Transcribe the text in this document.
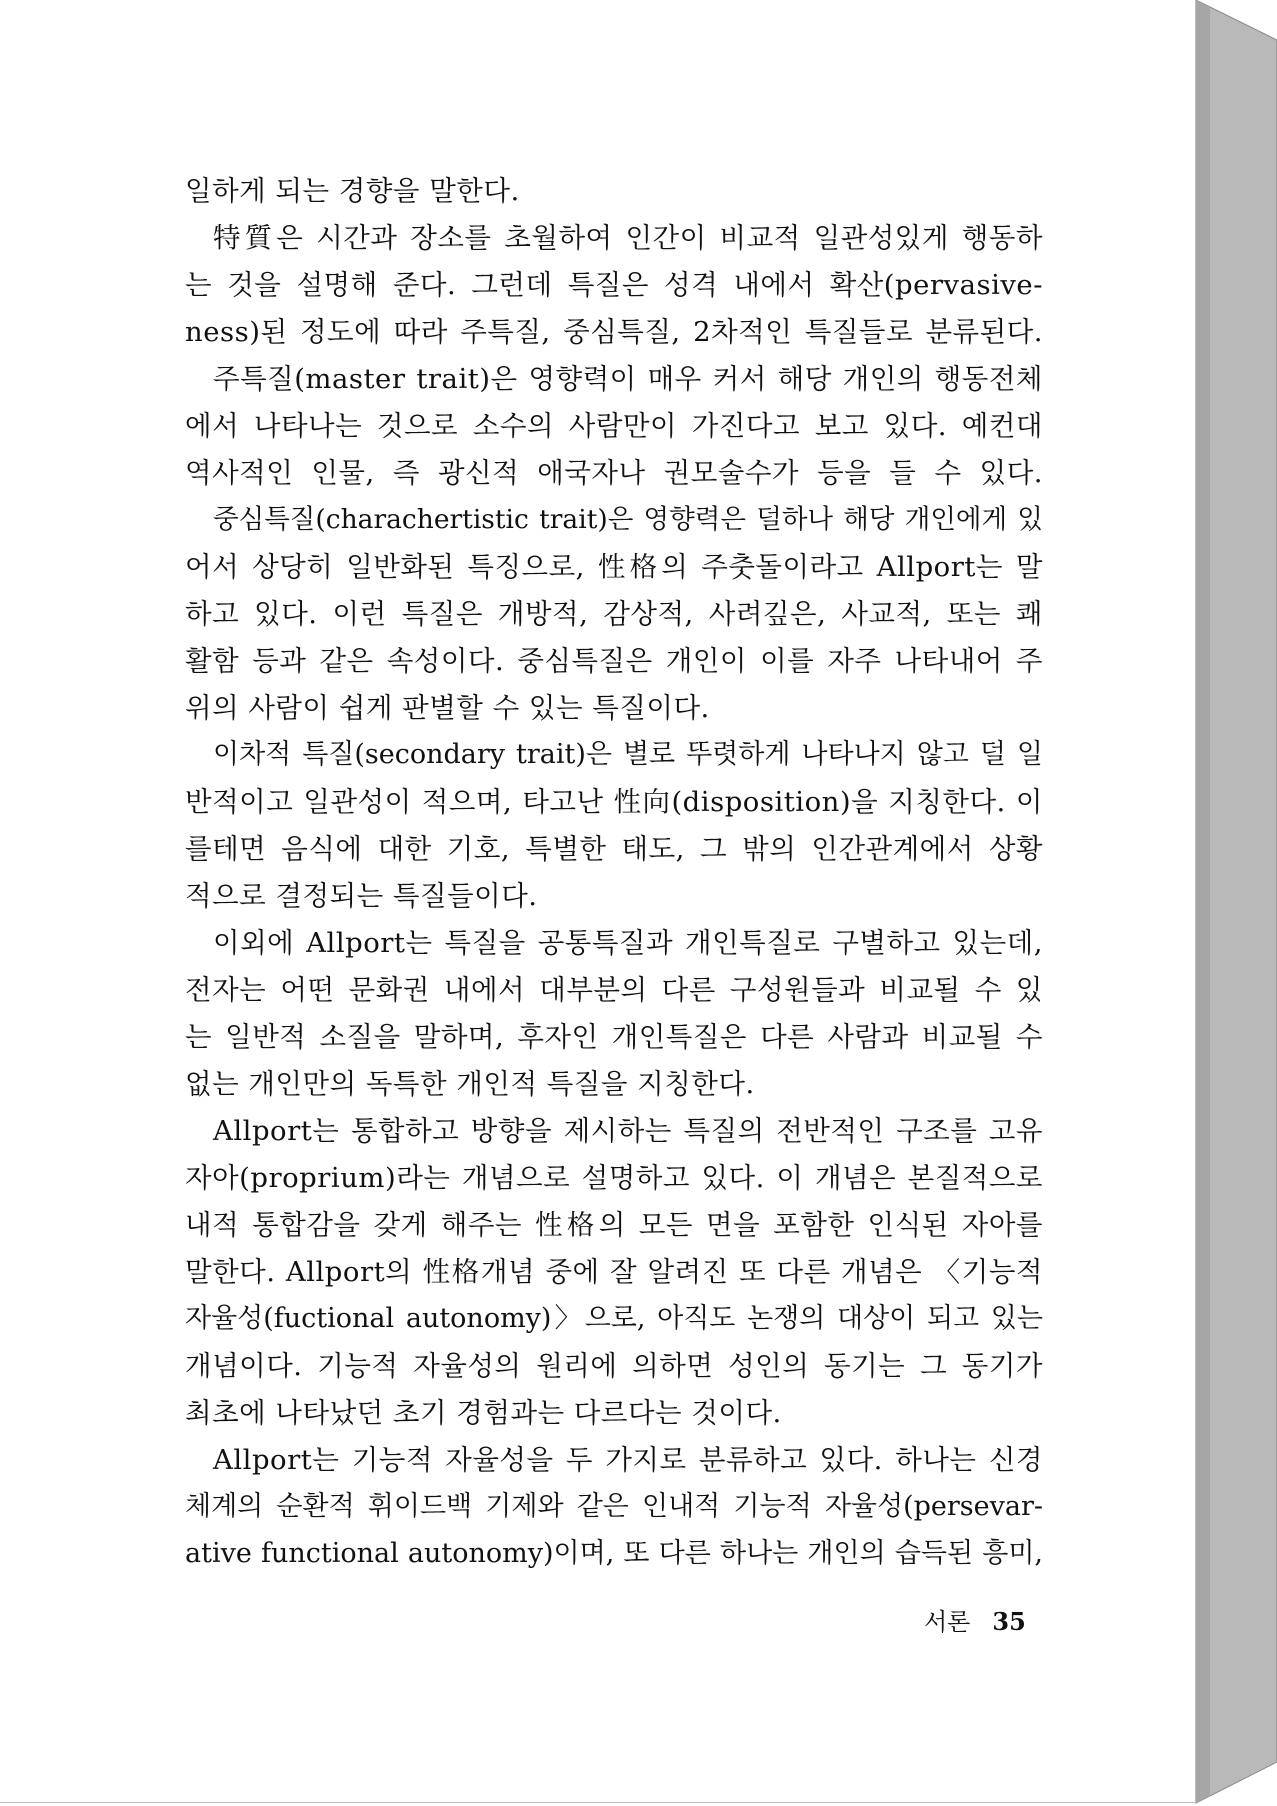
일하게 되는 경향을 말한다.
特質은 시간과 장소를 초월하여 인간이 비교적 일관성있게 행동하
는 것을 설명해 준다. 그런데 특질은 성격 내에서 확산(pervasive-
ness)된 정도에 따라 주특질, 중심특질, 2차적인 특질들로 분류된다.
주특질(master trait)은 영향력이 매우 커서 해당 개인의 행동전체
에서 나타나는 것으로 소수의 사람만이 가진다고 보고 있다. 예컨대
역사적인 인물, 즉 광신적 애국자나 권모술수가 등을 들 수 있다.
중심특질(charachertistic trait)은 영향력은 덜하나 해당 개인에게 있
어서 상당히 일반화된 특징으로, 性格의 주춧돌이라고 Allport는 말
하고 있다. 이런 특질은 개방적, 감상적, 사려깊은, 사교적, 또는 쾌
활함 등과 같은 속성이다. 중심특질은 개인이 이를 자주 나타내어 주
위의 사람이 쉽게 판별할 수 있는 특질이다.
이차적 특질(secondary trait)은 별로 뚜렷하게 나타나지 않고 덜 일
반적이고 일관성이 적으며, 타고난 性向(disposition)을 지칭한다. 이
를테면 음식에 대한 기호, 특별한 태도, 그 밖의 인간관계에서 상황
적으로 결정되는 특질들이다.
이외에 Allport는 특질을 공통특질과 개인특질로 구별하고 있는데,
전자는 어떤 문화권 내에서 대부분의 다른 구성원들과 비교될 수 있
는 일반적 소질을 말하며, 후자인 개인특질은 다른 사람과 비교될 수
없는 개인만의 독특한 개인적 특질을 지칭한다.
Allport는 통합하고 방향을 제시하는 특질의 전반적인 구조를 고유
자아(proprium)라는 개념으로 설명하고 있다. 이 개념은 본질적으로
내적 통합감을 갖게 해주는 性格의 모든 면을 포함한 인식된 자아를
말한다. Allport의 性格개념 중에 잘 알려진 또 다른 개념은 〈기능적
자율성(fuctional autonomy)〉으로, 아직도 논쟁의 대상이 되고 있는
개념이다. 기능적 자율성의 원리에 의하면 성인의 동기는 그 동기가
최초에 나타났던 초기 경험과는 다르다는 것이다.
Allport는 기능적 자율성을 두 가지로 분류하고 있다. 하나는 신경
체계의 순환적 휘이드백 기제와 같은 인내적 기능적 자율성(persevar-
ative functional autonomy)이며, 또 다른 하나는 개인의 습득된 흥미,
서론 35
